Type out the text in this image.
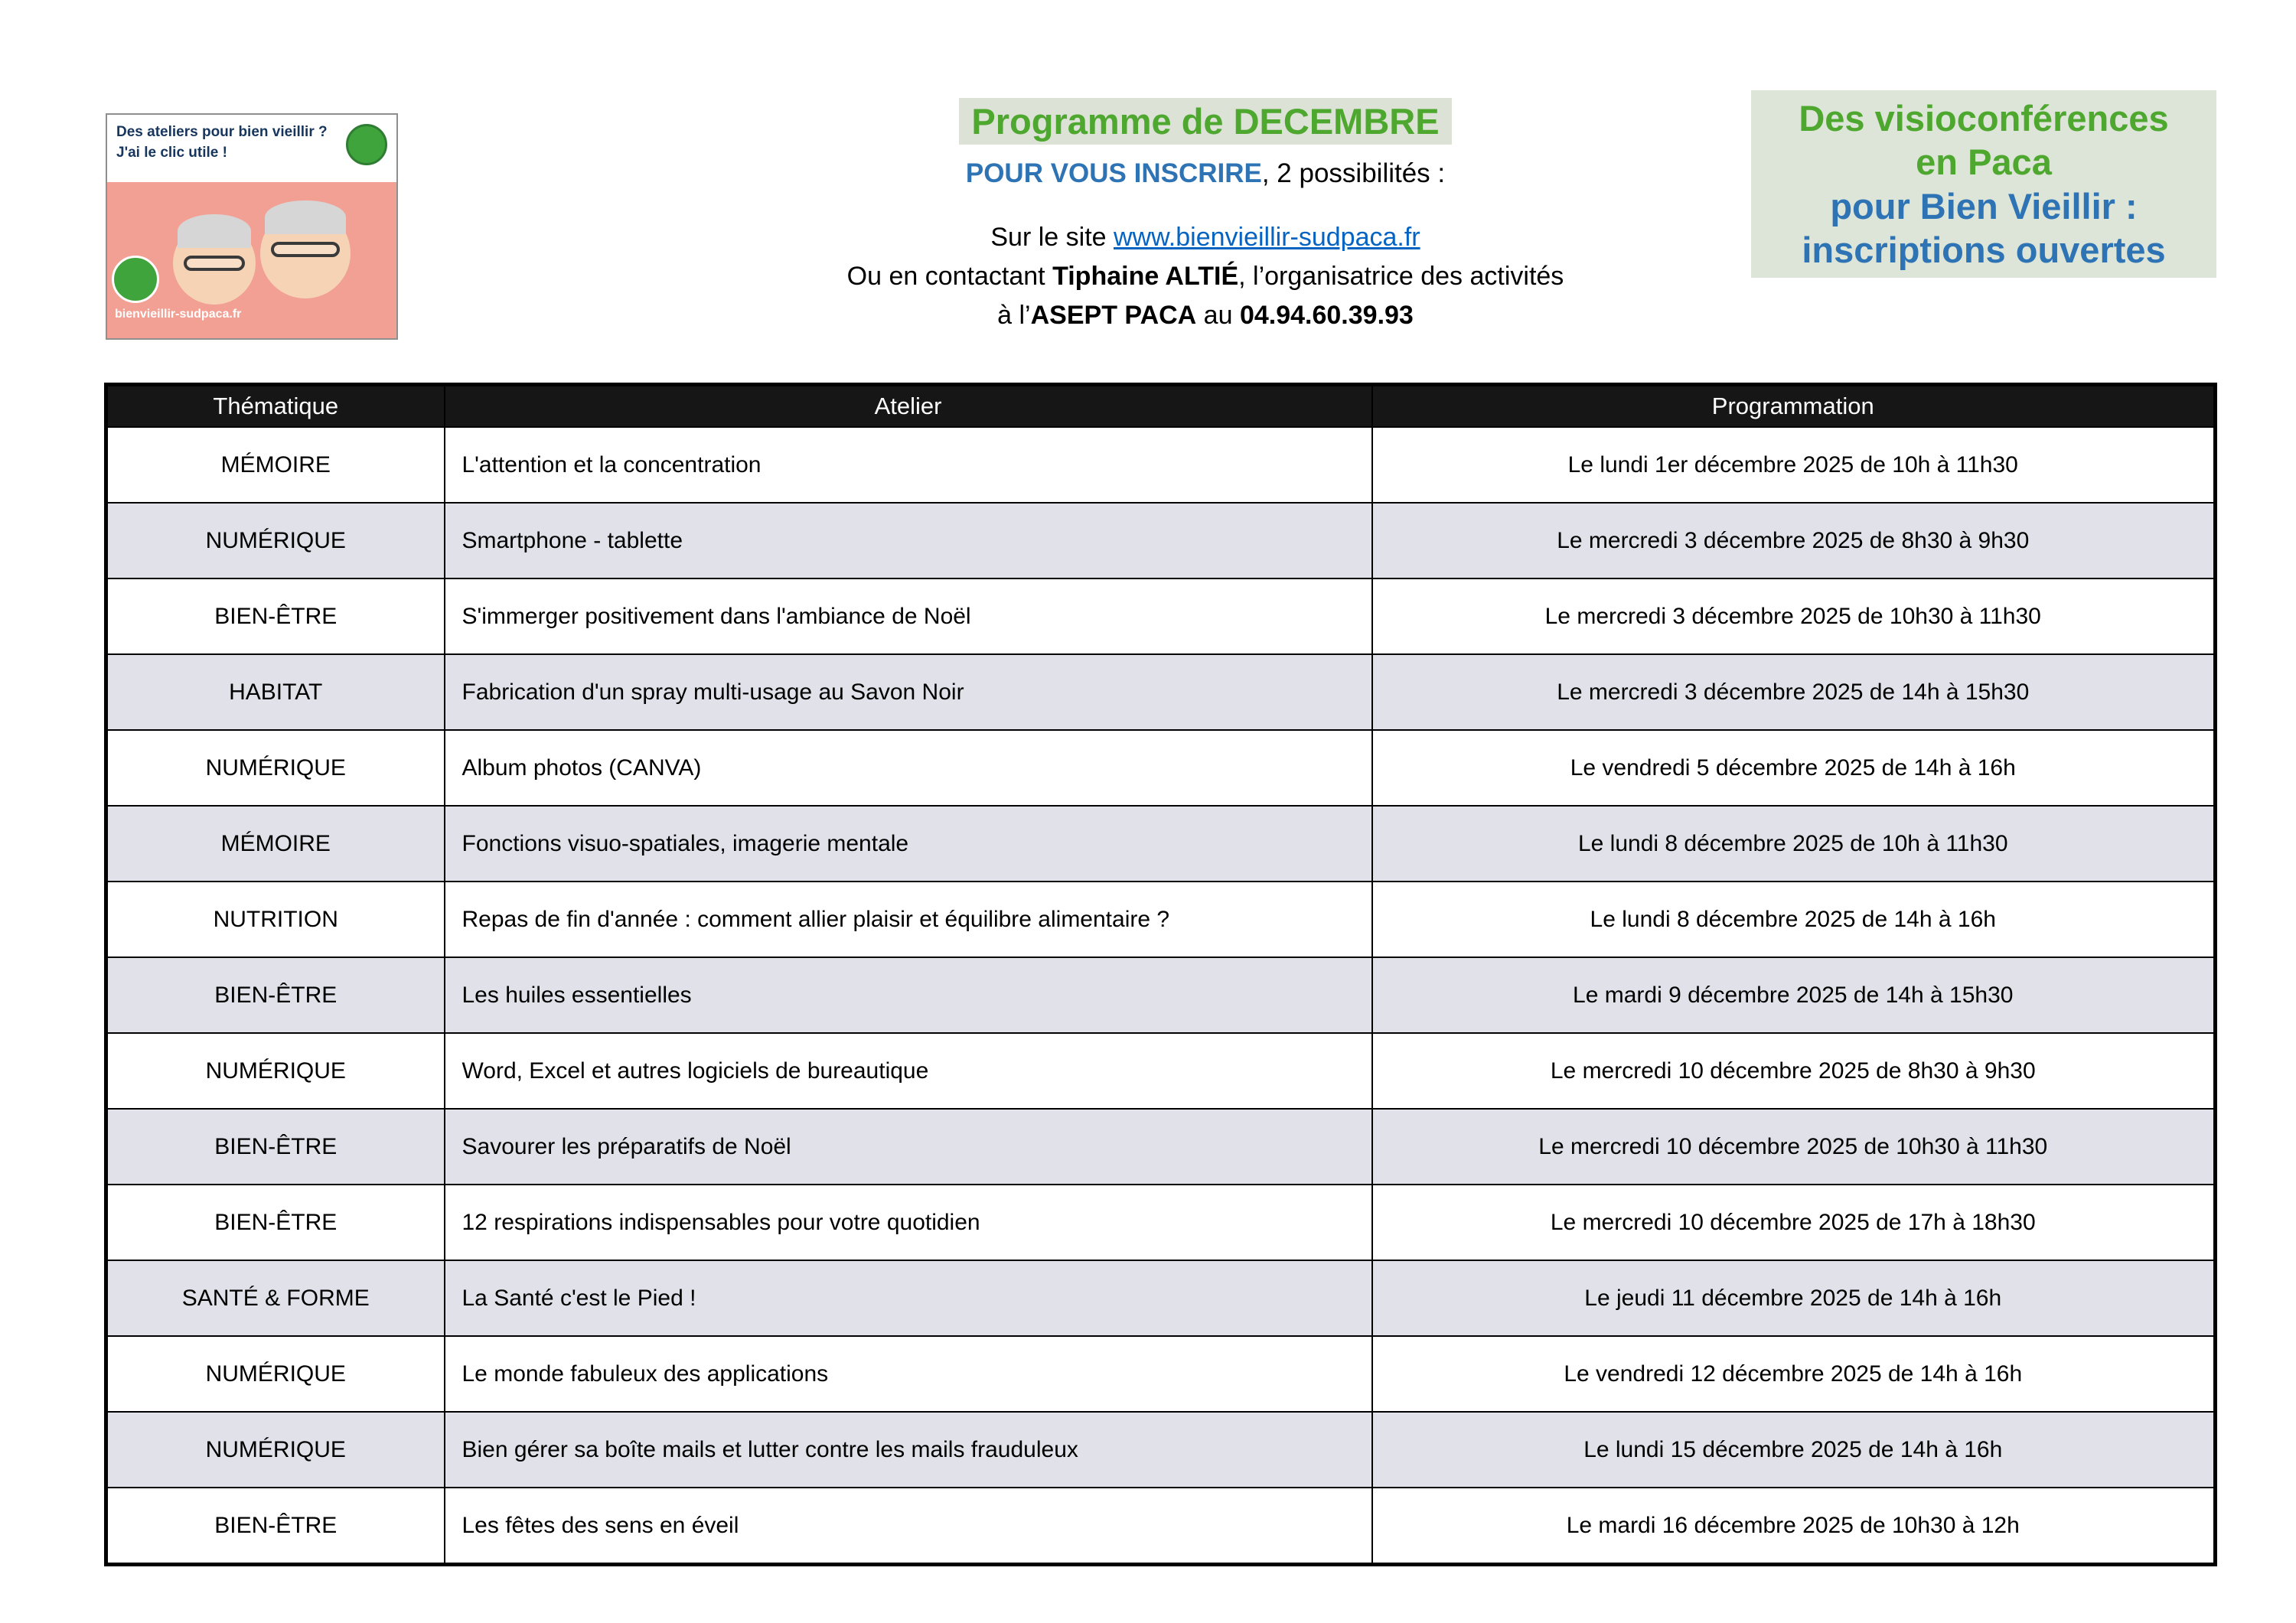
Des ateliers pour bien vieillir ?
J'ai le clic utile !
bienvieillir-sudpaca.fr
Programme de DECEMBRE
POUR VOUS INSCRIRE, 2 possibilités :
Sur le site www.bienvieillir-sudpaca.fr
Ou en contactant Tiphaine ALTIÉ, l’organisatrice des activités
à l’ASEPT PACA au 04.94.60.39.93
Des visioconférences
en Paca
pour Bien Vieillir :
inscriptions ouvertes
Thématique	Atelier	Programmation
MÉMOIRE	L'attention et la concentration	Le lundi 1er décembre 2025 de 10h à 11h30
NUMÉRIQUE	Smartphone - tablette	Le mercredi 3 décembre 2025 de 8h30 à 9h30
BIEN-ÊTRE	S'immerger positivement dans l'ambiance de Noël	Le mercredi 3 décembre 2025 de 10h30 à 11h30
HABITAT	Fabrication d'un spray multi-usage au Savon Noir	Le mercredi 3 décembre 2025 de 14h à 15h30
NUMÉRIQUE	Album photos (CANVA)	Le vendredi 5 décembre 2025 de 14h à 16h
MÉMOIRE	Fonctions visuo-spatiales, imagerie mentale	Le lundi 8 décembre 2025 de 10h à 11h30
NUTRITION	Repas de fin d'année : comment allier plaisir et équilibre alimentaire ?	Le lundi 8 décembre 2025 de 14h à 16h
BIEN-ÊTRE	Les huiles essentielles	Le mardi 9 décembre 2025 de 14h à 15h30
NUMÉRIQUE	Word, Excel et autres logiciels de bureautique	Le mercredi 10 décembre 2025 de 8h30 à 9h30
BIEN-ÊTRE	Savourer les préparatifs de Noël	Le mercredi 10 décembre 2025 de 10h30 à 11h30
BIEN-ÊTRE	12 respirations indispensables pour votre quotidien	Le mercredi 10 décembre 2025 de 17h à 18h30
SANTÉ & FORME	La Santé c'est le Pied !	Le jeudi 11 décembre 2025 de 14h à 16h
NUMÉRIQUE	Le monde fabuleux des applications	Le vendredi 12 décembre 2025 de 14h à 16h
NUMÉRIQUE	Bien gérer sa boîte mails et lutter contre les mails frauduleux	Le lundi 15 décembre 2025 de 14h à 16h
BIEN-ÊTRE	Les fêtes des sens en éveil	Le mardi 16 décembre 2025 de 10h30 à 12h
